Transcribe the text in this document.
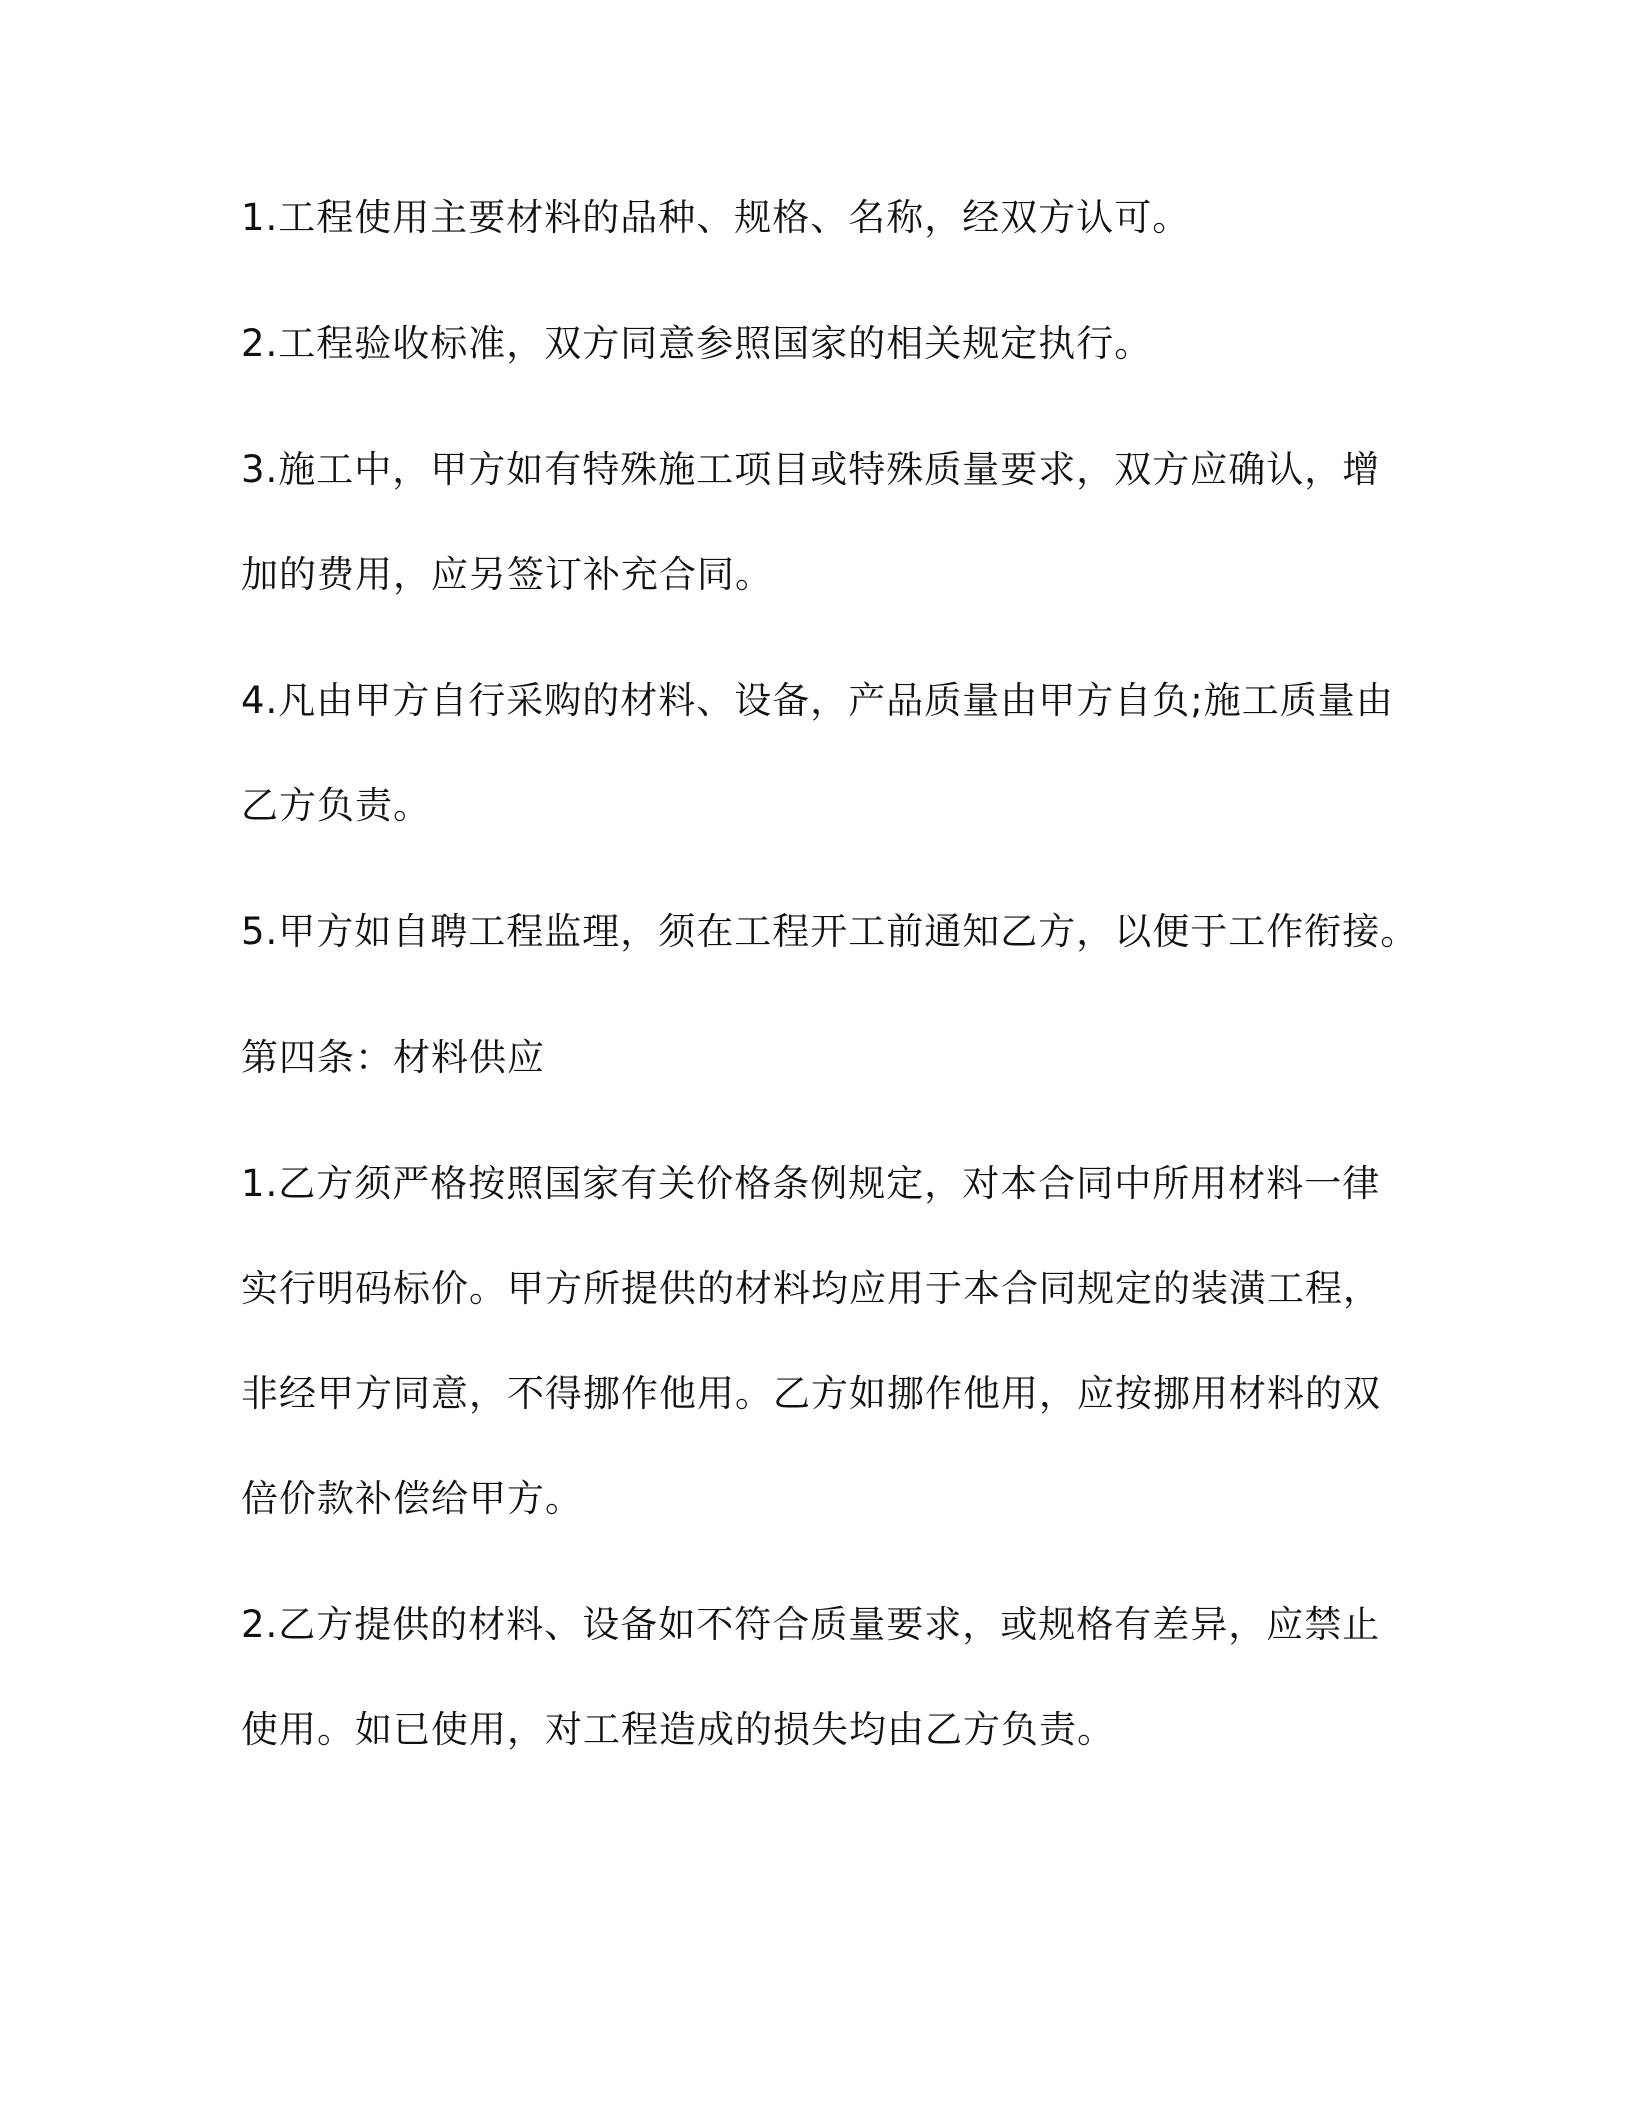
1.工程使用主要材料的品种、规格、名称，经双方认可。

2.工程验收标准，双方同意参照国家的相关规定执行。

3.施工中，甲方如有特殊施工项目或特殊质量要求，双方应确认，增

加的费用，应另签订补充合同。

4.凡由甲方自行采购的材料、设备，产品质量由甲方自负;施工质量由

乙方负责。

5.甲方如自聘工程监理，须在工程开工前通知乙方，以便于工作衔接。

第四条：材料供应

1.乙方须严格按照国家有关价格条例规定，对本合同中所用材料一律

实行明码标价。甲方所提供的材料均应用于本合同规定的装潢工程，

非经甲方同意，不得挪作他用。乙方如挪作他用，应按挪用材料的双

倍价款补偿给甲方。

2.乙方提供的材料、设备如不符合质量要求，或规格有差异，应禁止

使用。如已使用，对工程造成的损失均由乙方负责。
